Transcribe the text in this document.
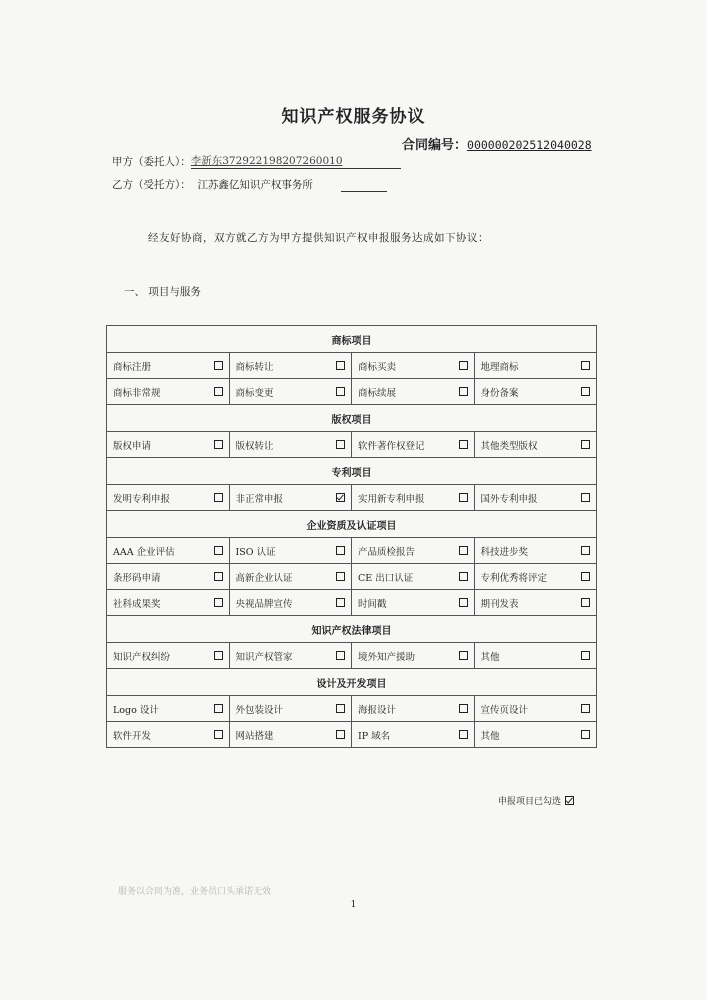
知识产权服务协议
合同编号：000000202512040028
甲方（委托人）：李新东372922198207260010
乙方（受托方）： 江苏鑫亿知识产权事务所
经友好协商，双方就乙方为甲方提供知识产权申报服务达成如下协议：
一、 项目与服务
商标项目			

商标注册	商标转让	商标买卖	地理商标

商标非常规	商标变更	商标续展	身份备案

版权项目			

版权申请	版权转让	软件著作权登记	其他类型版权

专利项目			

发明专利申报	非正常申报	实用新专利申报	国外专利申报

企业资质及认证项目			

AAA 企业评估	ISO 认证	产品质检报告	科技进步奖

条形码申请	高新企业认证	CE 出口认证	专利优秀将评定

社科成果奖	央视品牌宣传	时间戳	期刊发表

知识产权法律项目			

知识产权纠纷	知识产权管家	境外知产援助	其他

设计及开发项目			

Logo 设计	外包装设计	海报设计	宣传页设计

软件开发	网站搭建	IP 域名	其他
申报项目已勾选
服务以合同为准，业务员口头承诺无效
1
